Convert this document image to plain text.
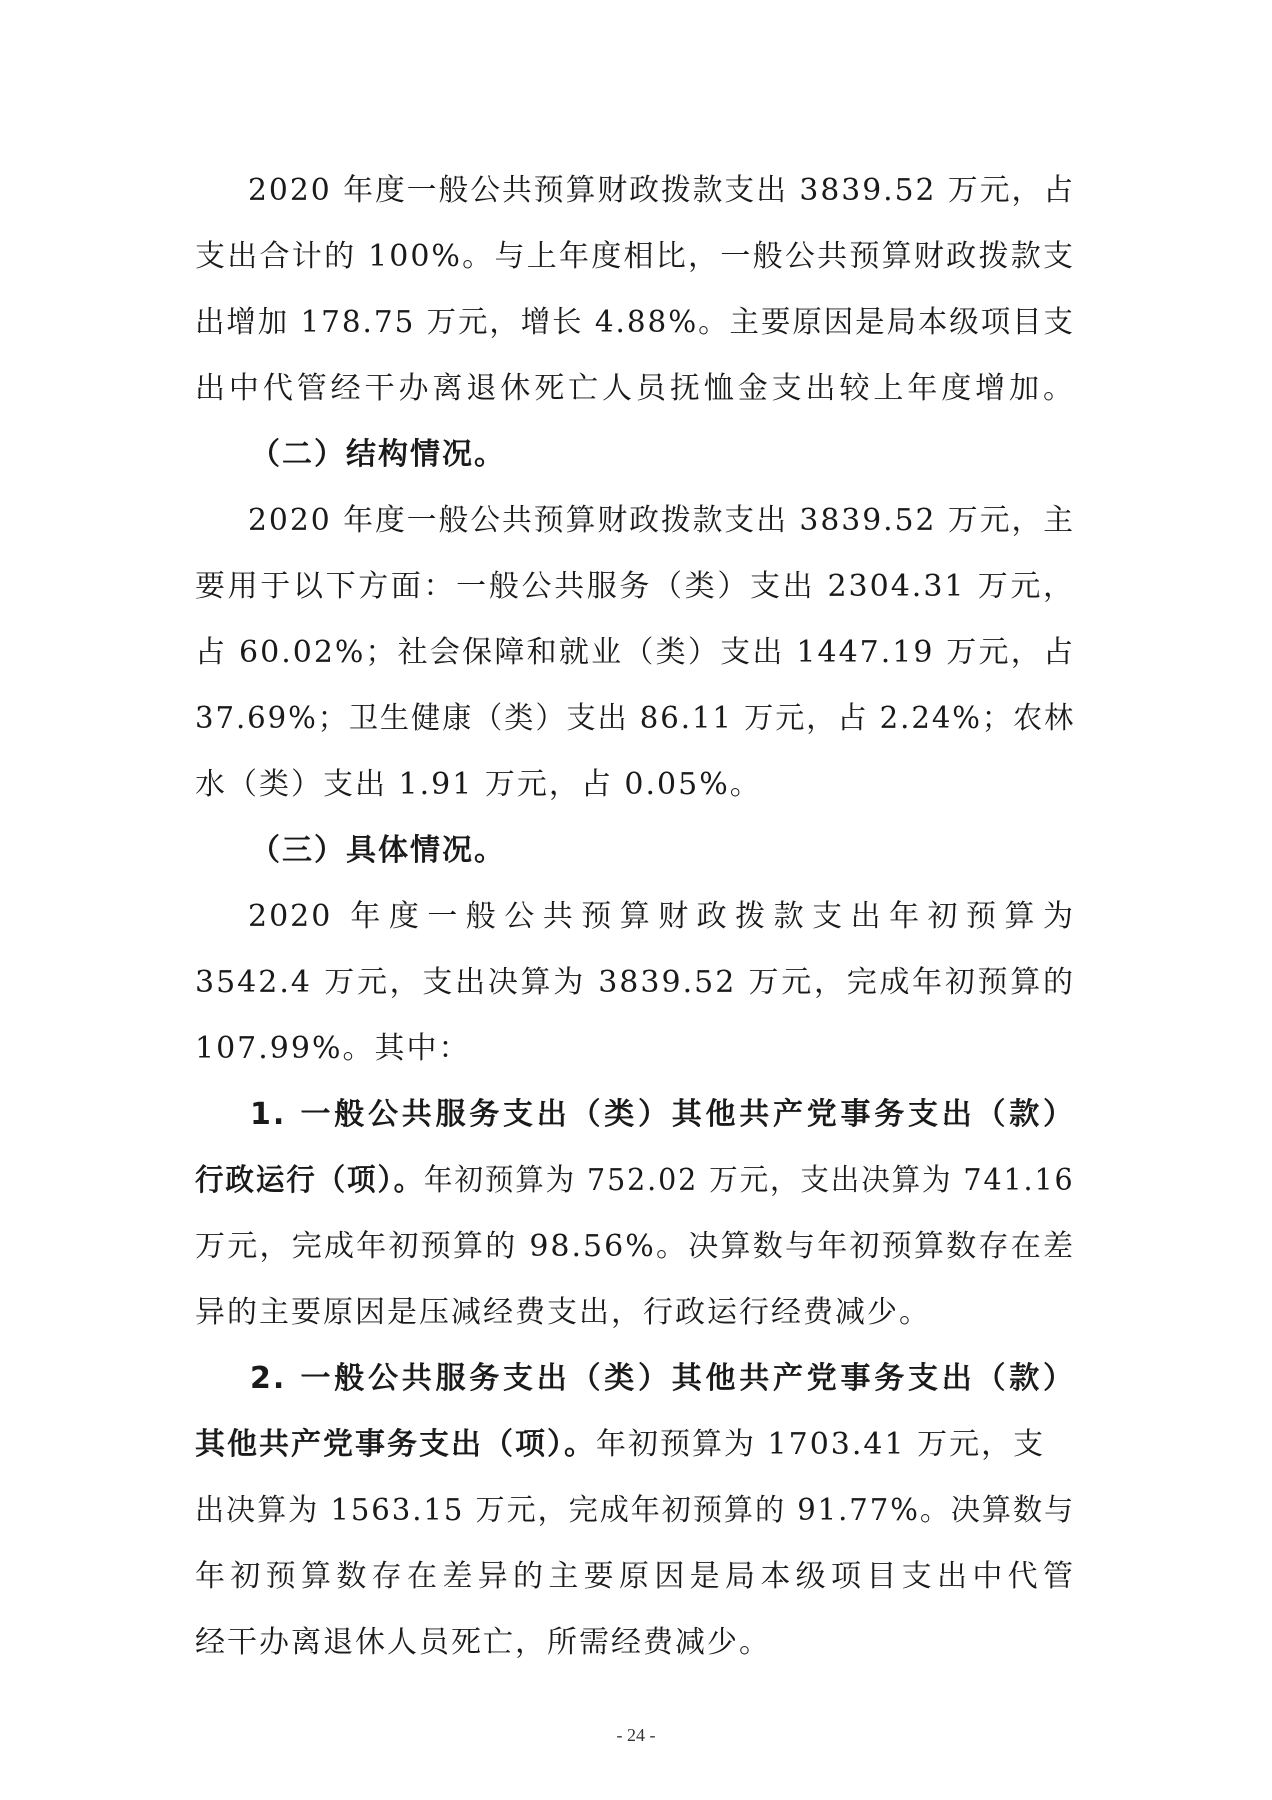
2020 年度一般公共预算财政拨款支出 3839.52 万元，占
支出合计的 100%。与上年度相比，一般公共预算财政拨款支
出增加 178.75 万元，增长 4.88%。主要原因是局本级项目支
出中代管经干办离退休死亡人员抚恤金支出较上年度增加。
（二）结构情况。
2020 年度一般公共预算财政拨款支出 3839.52 万元，主
要用于以下方面：一般公共服务（类）支出 2304.31 万元，
占 60.02%；社会保障和就业（类）支出 1447.19 万元，占
37.69%；卫生健康（类）支出 86.11 万元，占 2.24%；农林
水（类）支出 1.91 万元，占 0.05%。
（三）具体情况。
2020 年度一般公共预算财政拨款支出年初预算为
3542.4 万元，支出决算为 3839.52 万元，完成年初预算的
107.99%。其中：
1. 一般公共服务支出（类）其他共产党事务支出（款）
行政运行（项）。年初预算为 752.02 万元，支出决算为 741.16
万元，完成年初预算的 98.56%。决算数与年初预算数存在差
异的主要原因是压减经费支出，行政运行经费减少。
2. 一般公共服务支出（类）其他共产党事务支出（款）
其他共产党事务支出（项）。年初预算为 1703.41 万元，支
出决算为 1563.15 万元，完成年初预算的 91.77%。决算数与
年初预算数存在差异的主要原因是局本级项目支出中代管
经干办离退休人员死亡，所需经费减少。
- 24 -
